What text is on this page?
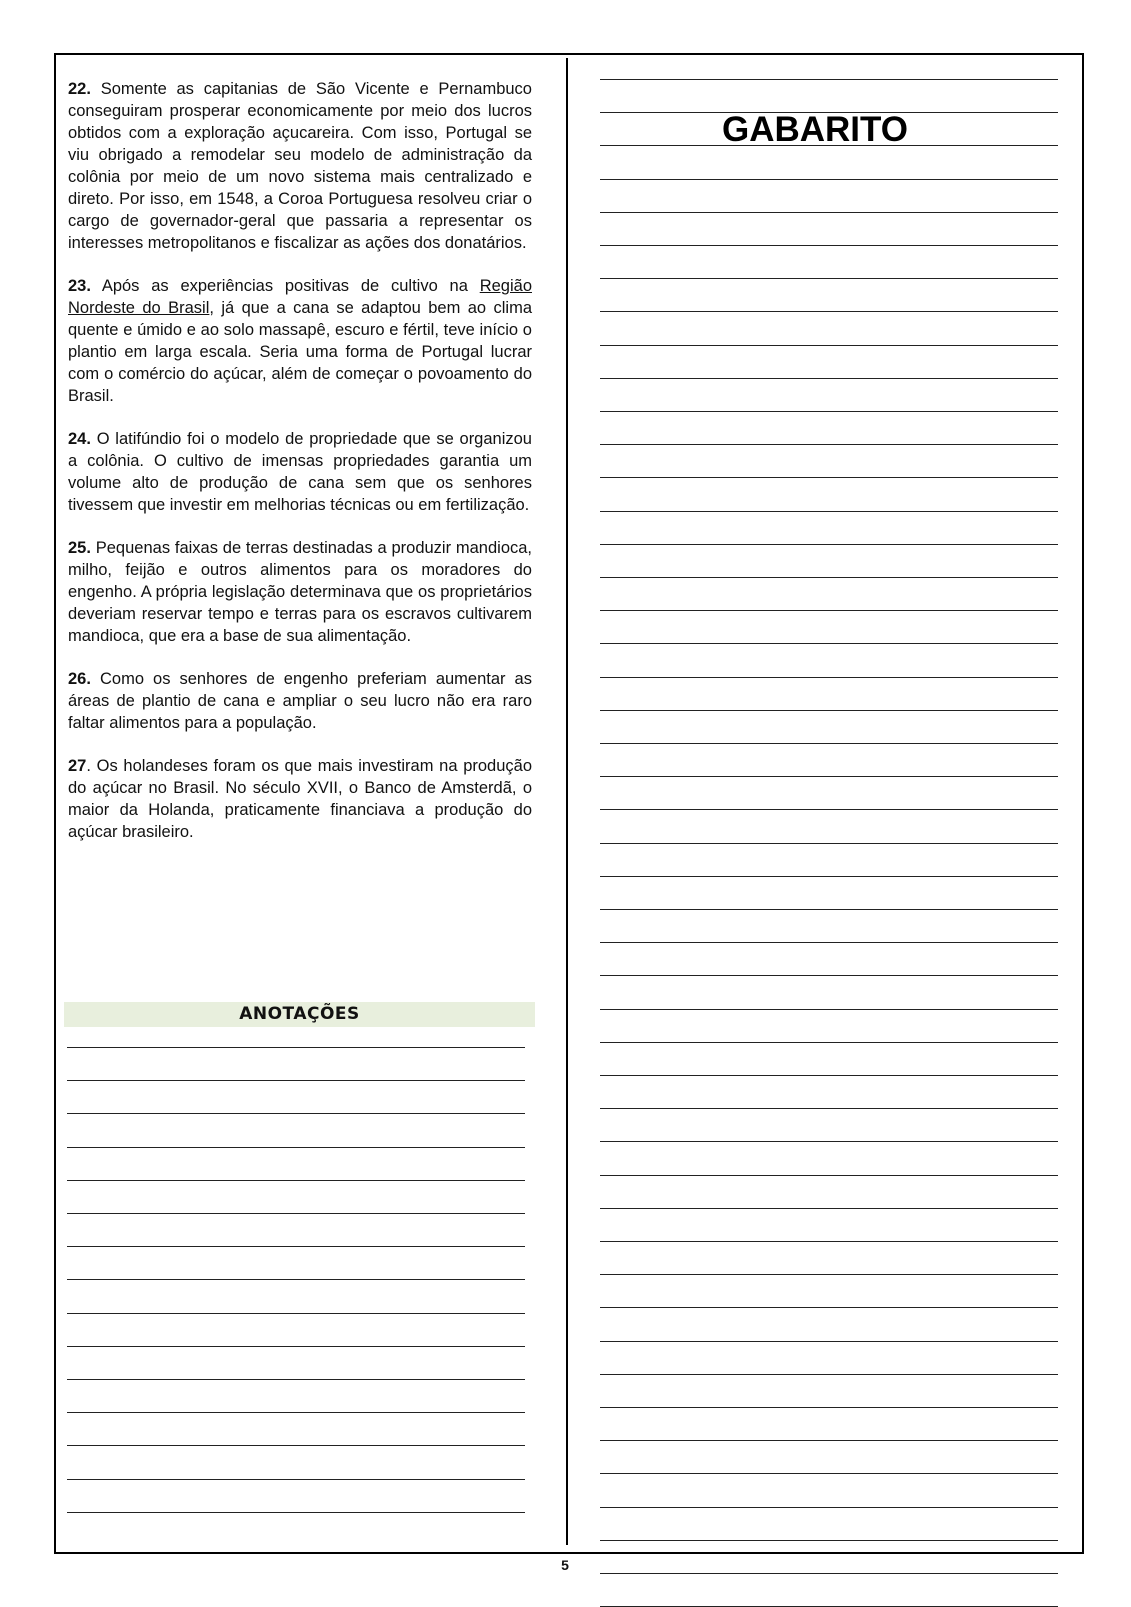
22. Somente as capitanias de São Vicente e Pernambuco conseguiram prosperar economicamente por meio dos lucros obtidos com a exploração açucareira. Com isso, Portugal se viu obrigado a remodelar seu modelo de administração da colônia por meio de um novo sistema mais centralizado e direto. Por isso, em 1548, a Coroa Portuguesa resolveu criar o cargo de governador-geral que passaria a representar os interesses metropolitanos e fiscalizar as ações dos donatários.

23. Após as experiências positivas de cultivo na Região Nordeste do Brasil, já que a cana se adaptou bem ao clima quente e úmido e ao solo massapê, escuro e fértil, teve início o plantio em larga escala. Seria uma forma de Portugal lucrar com o comércio do açúcar, além de começar o povoamento do Brasil.

24. O latifúndio foi o modelo de propriedade que se organizou a colônia. O cultivo de imensas propriedades garantia um volume alto de produção de cana sem que os senhores tivessem que investir em melhorias técnicas ou em fertilização.

25. Pequenas faixas de terras destinadas a produzir mandioca, milho, feijão e outros alimentos para os moradores do engenho. A própria legislação determinava que os proprietários deveriam reservar tempo e terras para os escravos cultivarem mandioca, que era a base de sua alimentação.

26. Como os senhores de engenho preferiam aumentar as áreas de plantio de cana e ampliar o seu lucro não era raro faltar alimentos para a população.

27. Os holandeses foram os que mais investiram na produção do açúcar no Brasil. No século XVII, o Banco de Amsterdã, o maior da Holanda, praticamente financiava a produção do açúcar brasileiro.

ANOTAÇÕES
GABARITO
5
